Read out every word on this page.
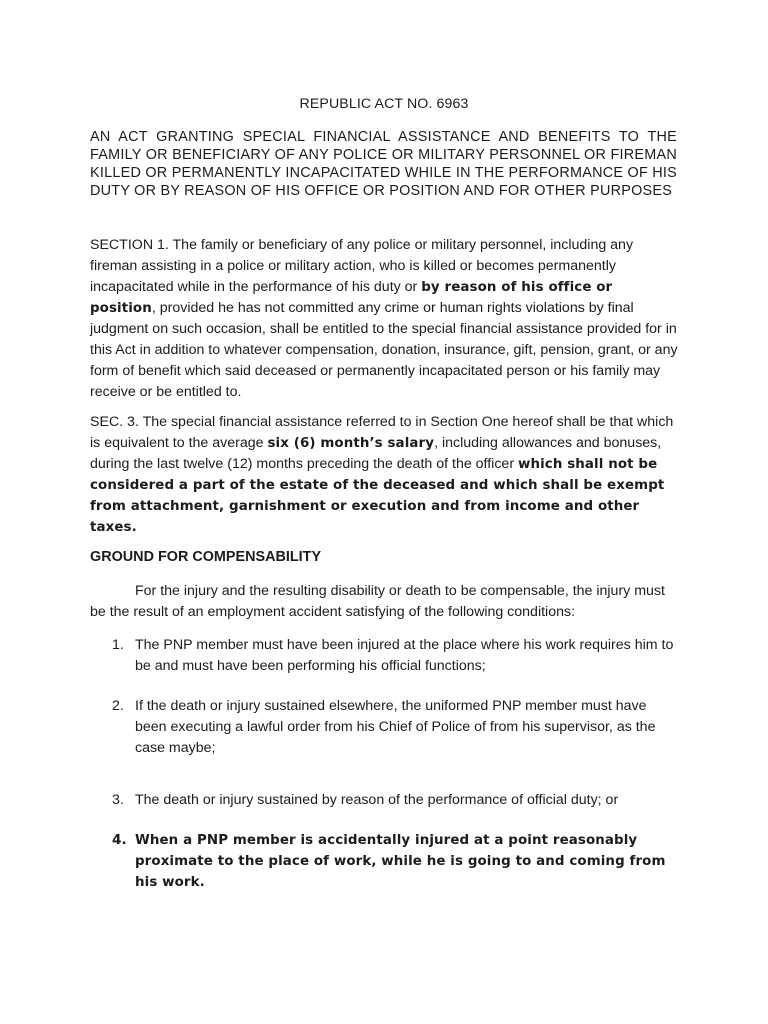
REPUBLIC ACT NO. 6963
AN ACT GRANTING SPECIAL FINANCIAL ASSISTANCE AND BENEFITS TO THE FAMILY OR BENEFICIARY OF ANY POLICE OR MILITARY PERSONNEL OR FIREMAN KILLED OR PERMANENTLY INCAPACITATED WHILE IN THE PERFORMANCE OF HIS DUTY OR BY REASON OF HIS OFFICE OR POSITION AND FOR OTHER PURPOSES

SECTION 1. The family or beneficiary of any police or military personnel, including any fireman assisting in a police or military action, who is killed or becomes permanently incapacitated while in the performance of his duty or by reason of his office or position, provided he has not committed any crime or human rights violations by final judgment on such occasion, shall be entitled to the special financial assistance provided for in this Act in addition to whatever compensation, donation, insurance, gift, pension, grant, or any form of benefit which said deceased or permanently incapacitated person or his family may receive or be entitled to.

SEC. 3. The special financial assistance referred to in Section One hereof shall be that which is equivalent to the average six (6) month’s salary, including allowances and bonuses, during the last twelve (12) months preceding the death of the officer which shall not be considered a part of the estate of the deceased and which shall be exempt from attachment, garnishment or execution and from income and other taxes.

GROUND FOR COMPENSABILITY
For the injury and the resulting disability or death to be compensable, the injury must be the result of an employment accident satisfying of the following conditions:
1. The PNP member must have been injured at the place where his work requires him to be and must have been performing his official functions;
2. If the death or injury sustained elsewhere, the uniformed PNP member must have been executing a lawful order from his Chief of Police of from his supervisor, as the case maybe;
3. The death or injury sustained by reason of the performance of official duty; or
4. When a PNP member is accidentally injured at a point reasonably proximate to the place of work, while he is going to and coming from his work.
